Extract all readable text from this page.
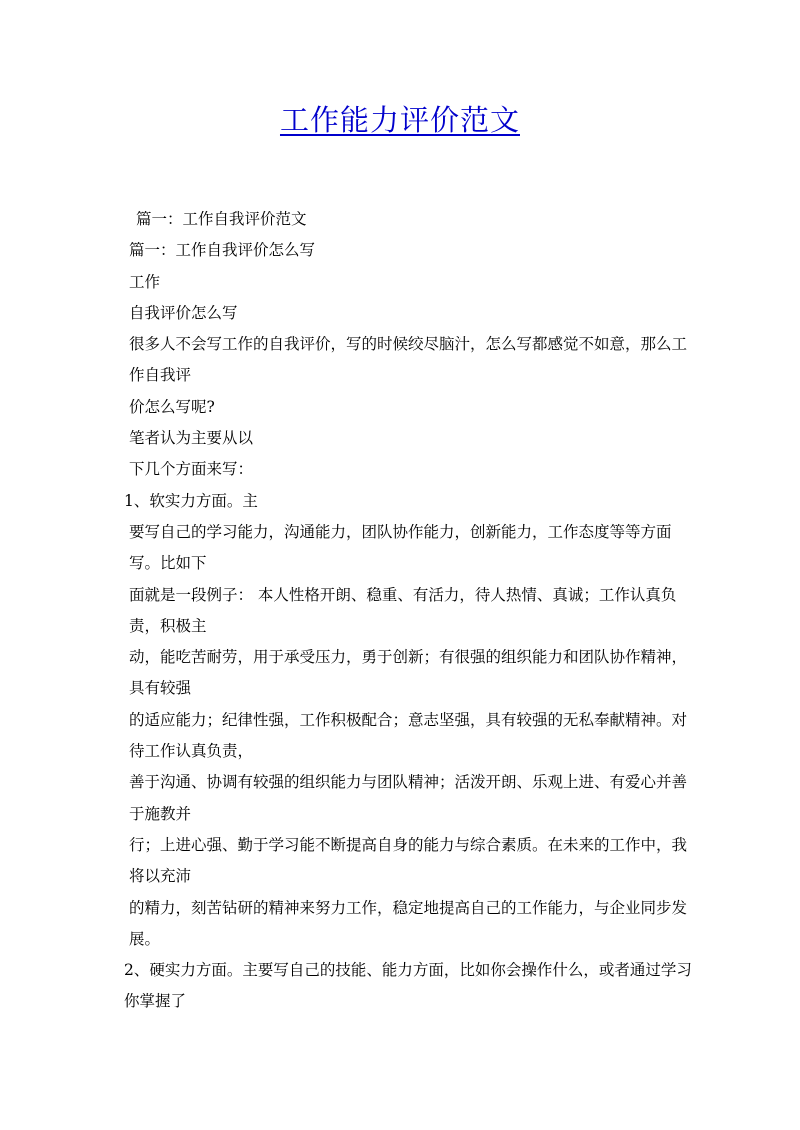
工作能力评价范文

篇一：工作自我评价范文

篇一：工作自我评价怎么写

工作

自我评价怎么写

很多人不会写工作的自我评价，写的时候绞尽脑汁，怎么写都感觉不如意，那么工作自我评

价怎么写呢?

笔者认为主要从以

下几个方面来写：

1、软实力方面。主

要写自己的学习能力，沟通能力，团队协作能力，创新能力，工作态度等等方面写。比如下

面就是一段例子： 本人性格开朗、稳重、有活力，待人热情、真诚；工作认真负责，积极主

动，能吃苦耐劳，用于承受压力，勇于创新；有很强的组织能力和团队协作精神，具有较强

的适应能力；纪律性强，工作积极配合；意志坚强，具有较强的无私奉献精神。对待工作认真负责，

善于沟通、协调有较强的组织能力与团队精神；活泼开朗、乐观上进、有爱心并善于施教并

行；上进心强、勤于学习能不断提高自身的能力与综合素质。在未来的工作中，我将以充沛

的精力，刻苦钻研的精神来努力工作，稳定地提高自己的工作能力，与企业同步发展。

2、硬实力方面。主要写自己的技能、能力方面，比如你会操作什么，或者通过学习你掌握了
